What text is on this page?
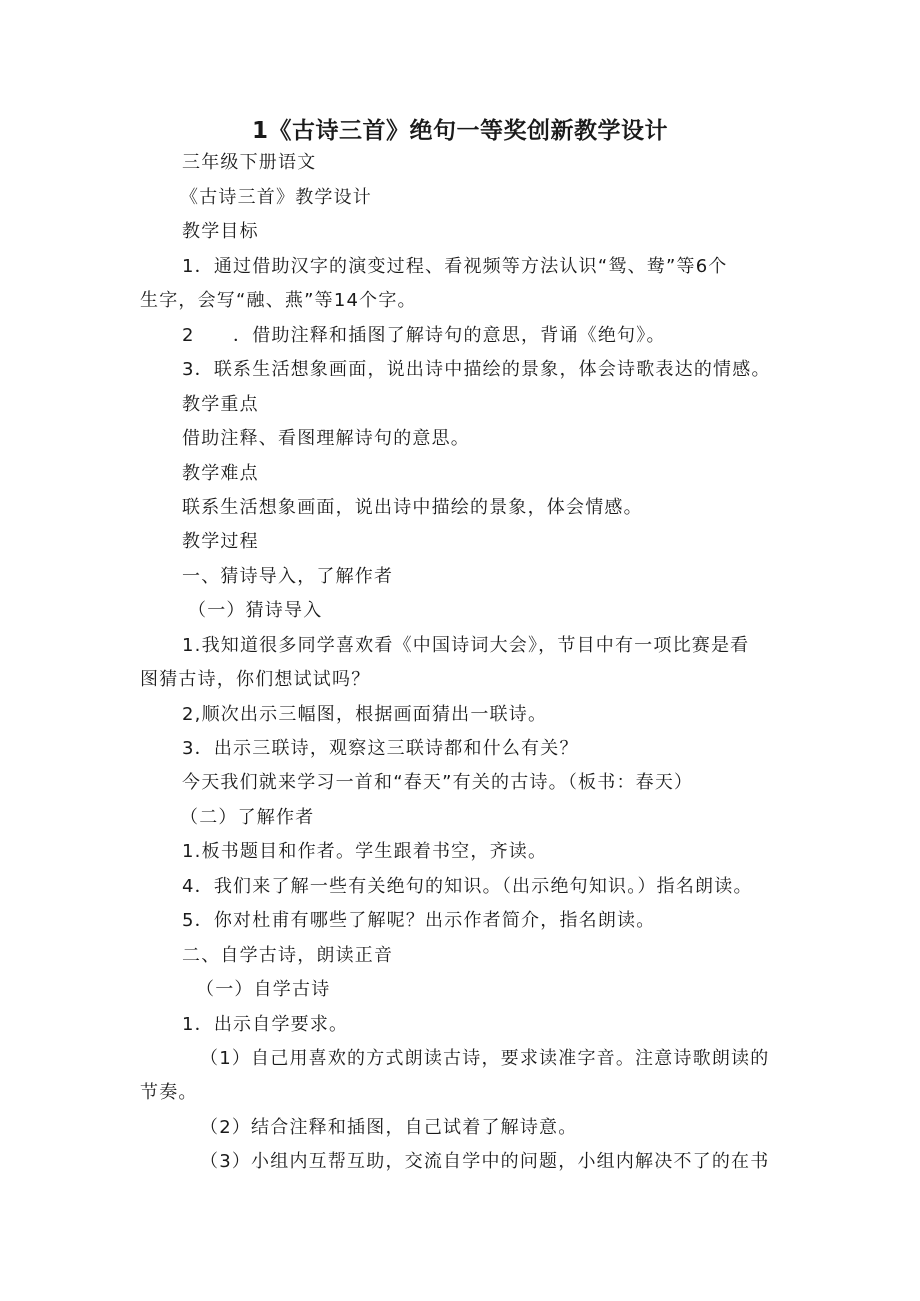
1《古诗三首》绝句一等奖创新教学设计
三年级下册语文
《古诗三首》教学设计
教学目标
1．通过借助汉字的演变过程、看视频等方法认识“鸳、鸯”等6个
生字，会写“融、燕”等14个字。
2　　．借助注释和插图了解诗句的意思，背诵《绝句》。
3．联系生活想象画面，说出诗中描绘的景象，体会诗歌表达的情感。
教学重点
借助注释、看图理解诗句的意思。
教学难点
联系生活想象画面，说出诗中描绘的景象，体会情感。
教学过程
一、猜诗导入，了解作者
（一）猜诗导入
1.我知道很多同学喜欢看《中国诗词大会》，节目中有一项比赛是看
图猜古诗，你们想试试吗？
2,顺次出示三幅图，根据画面猜出一联诗。
3．出示三联诗，观察这三联诗都和什么有关？
今天我们就来学习一首和“春天”有关的古诗。（板书：春天）
（二）了解作者
1.板书题目和作者。学生跟着书空，齐读。
4．我们来了解一些有关绝句的知识。（出示绝句知识。）指名朗读。
5．你对杜甫有哪些了解呢？出示作者简介，指名朗读。
二、自学古诗，朗读正音
（一）自学古诗
1．出示自学要求。
（1）自己用喜欢的方式朗读古诗，要求读准字音。注意诗歌朗读的
节奏。
（2）结合注释和插图，自己试着了解诗意。
（3）小组内互帮互助，交流自学中的问题，小组内解决不了的在书
